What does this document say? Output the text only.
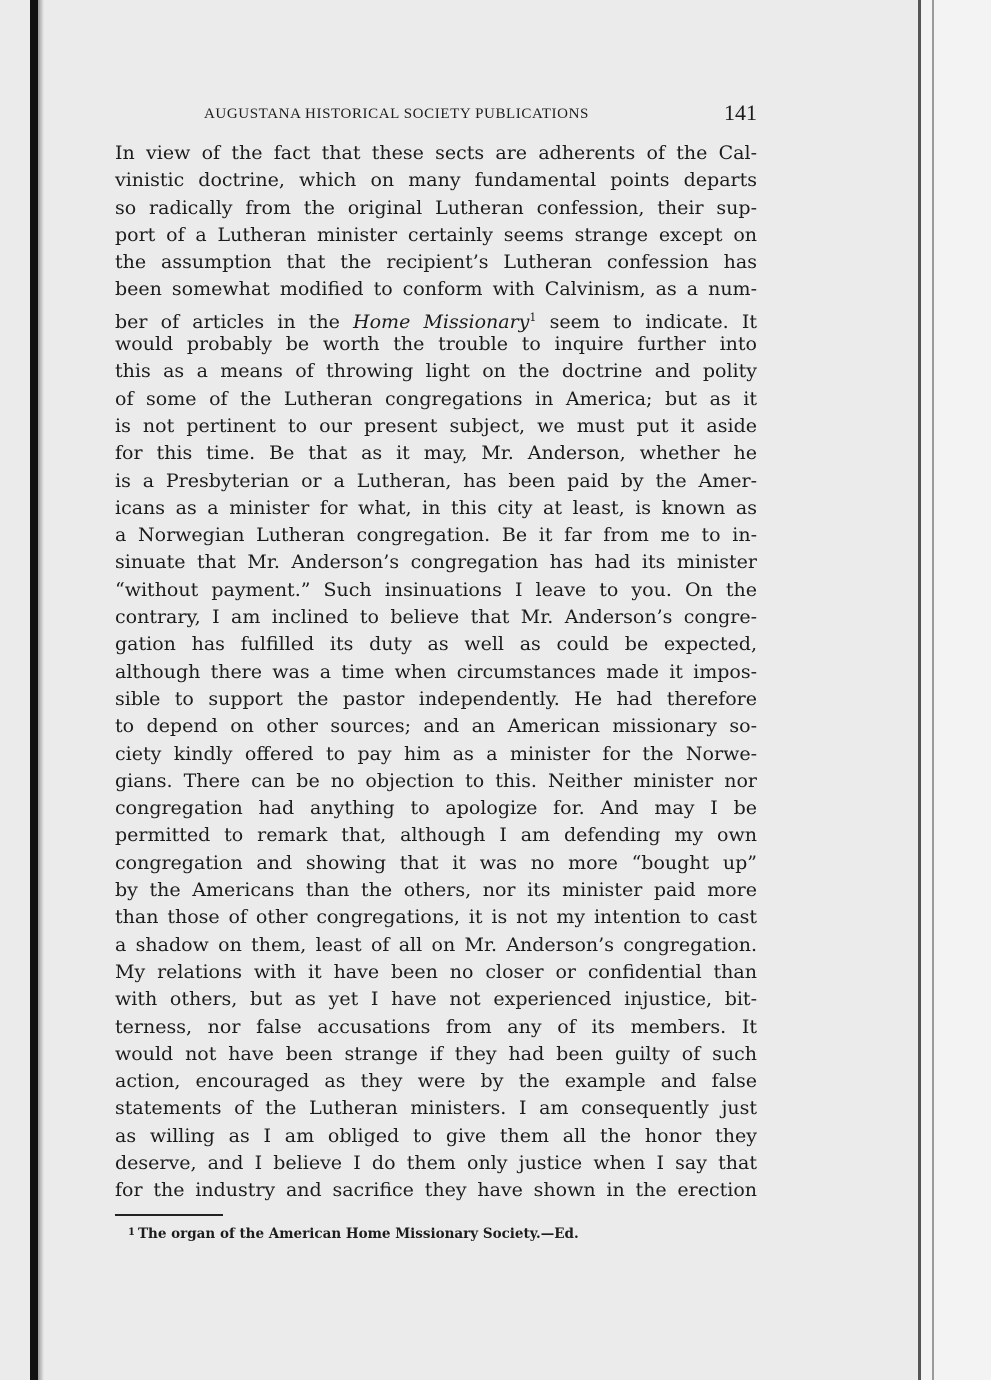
AUGUSTANA HISTORICAL SOCIETY PUBLICATIONS	141
In view of the fact that these sects are adherents of the Cal-
vinistic doctrine, which on many fundamental points departs
so radically from the original Lutheran confession, their sup-
port of a Lutheran minister certainly seems strange except on
the assumption that the recipient’s Lutheran confession has
been somewhat modified to conform with Calvinism, as a num-
ber of articles in the Home Missionary$^1$ seem to indicate. It
would probably be worth the trouble to inquire further into
this as a means of throwing light on the doctrine and polity
of some of the Lutheran congregations in America; but as it
is not pertinent to our present subject, we must put it aside
for this time. Be that as it may, Mr. Anderson, whether he
is a Presbyterian or a Lutheran, has been paid by the Amer-
icans as a minister for what, in this city at least, is known as
a Norwegian Lutheran congregation. Be it far from me to in-
sinuate that Mr. Anderson’s congregation has had its minister
“without payment.” Such insinuations I leave to you. On the
contrary, I am inclined to believe that Mr. Anderson’s congre-
gation has fulfilled its duty as well as could be expected,
although there was a time when circumstances made it impos-
sible to support the pastor independently. He had therefore
to depend on other sources; and an American missionary so-
ciety kindly offered to pay him as a minister for the Norwe-
gians. There can be no objection to this. Neither minister nor
congregation had anything to apologize for. And may I be
permitted to remark that, although I am defending my own
congregation and showing that it was no more “bought up”
by the Americans than the others, nor its minister paid more
than those of other congregations, it is not my intention to cast
a shadow on them, least of all on Mr. Anderson’s congregation.
My relations with it have been no closer or confidential than
with others, but as yet I have not experienced injustice, bit-
terness, nor false accusations from any of its members. It
would not have been strange if they had been guilty of such
action, encouraged as they were by the example and false
statements of the Lutheran ministers. I am consequently just
as willing as I am obliged to give them all the honor they
deserve, and I believe I do them only justice when I say that
for the industry and sacrifice they have shown in the erection
$^1$ The organ of the American Home Missionary Society.—Ed.
